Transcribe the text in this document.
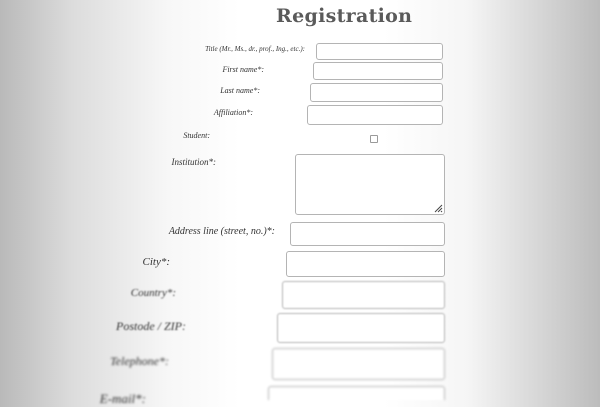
Registration
Title (Mr., Ms., dr., prof., Ing., etc.):
First name*:
Last name*:
Affiliation*:
Student:
Institution*:
Address line (street, no.)*:
City*:
Country*:
Postode / ZIP:
Telephone*:
E-mail*:
